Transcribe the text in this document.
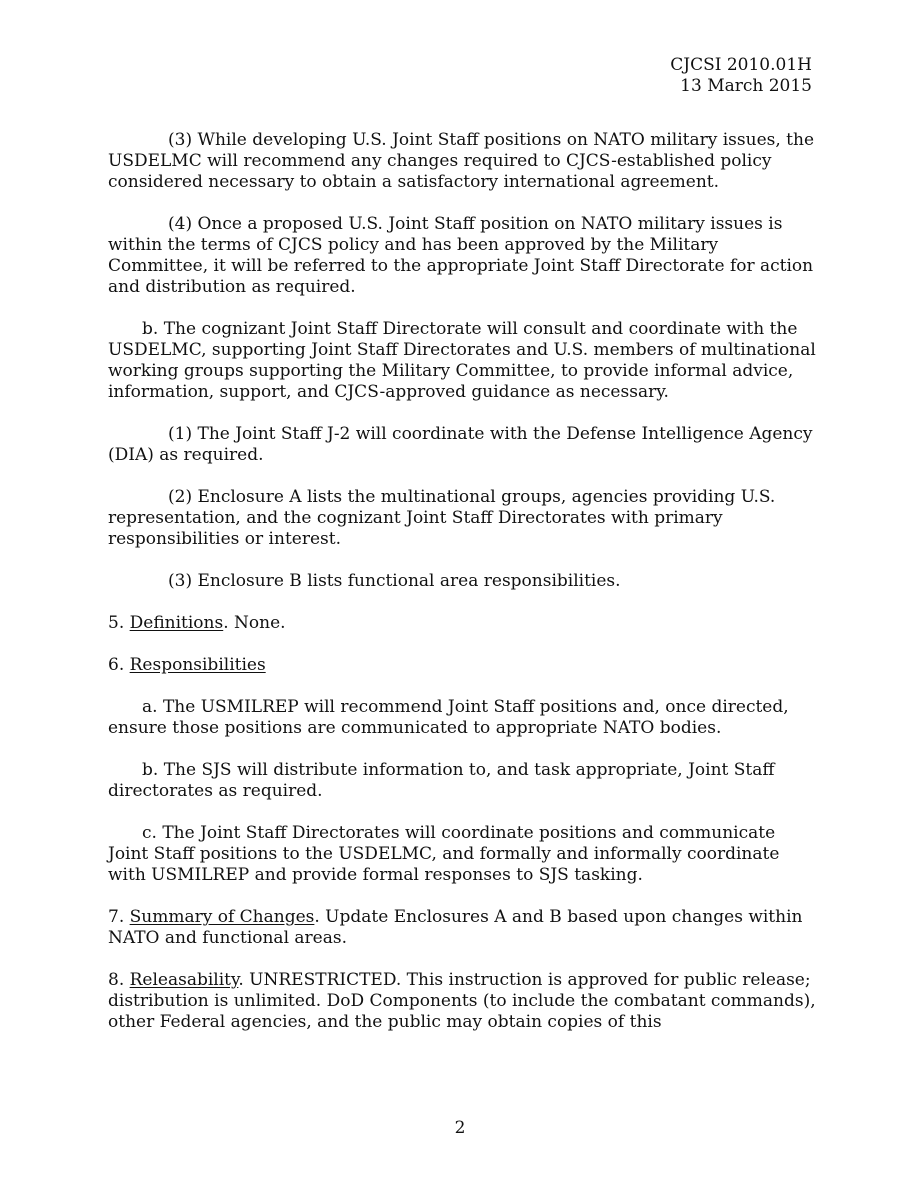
CJCSI 2010.01H
13 March 2015

(3) While developing U.S. Joint Staff positions on NATO military issues, the USDELMC will recommend any changes required to CJCS-established policy considered necessary to obtain a satisfactory international agreement.

(4) Once a proposed U.S. Joint Staff position on NATO military issues is within the terms of CJCS policy and has been approved by the Military Committee, it will be referred to the appropriate Joint Staff Directorate for action and distribution as required.

b. The cognizant Joint Staff Directorate will consult and coordinate with the USDELMC, supporting Joint Staff Directorates and U.S. members of multinational working groups supporting the Military Committee, to provide informal advice, information, support, and CJCS-approved guidance as necessary.

(1) The Joint Staff J-2 will coordinate with the Defense Intelligence Agency (DIA) as required.

(2) Enclosure A lists the multinational groups, agencies providing U.S. representation, and the cognizant Joint Staff Directorates with primary responsibilities or interest.

(3) Enclosure B lists functional area responsibilities.

5. Definitions. None.

6. Responsibilities

a. The USMILREP will recommend Joint Staff positions and, once directed, ensure those positions are communicated to appropriate NATO bodies.

b. The SJS will distribute information to, and task appropriate, Joint Staff directorates as required.

c. The Joint Staff Directorates will coordinate positions and communicate Joint Staff positions to the USDELMC, and formally and informally coordinate with USMILREP and provide formal responses to SJS tasking.

7. Summary of Changes. Update Enclosures A and B based upon changes within NATO and functional areas.

8. Releasability. UNRESTRICTED. This instruction is approved for public release; distribution is unlimited. DoD Components (to include the combatant commands), other Federal agencies, and the public may obtain copies of this

2
